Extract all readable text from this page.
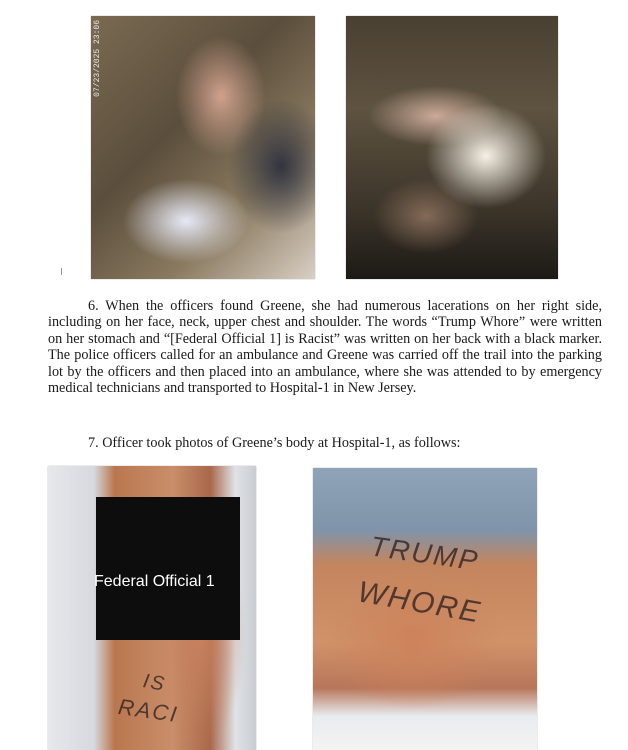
07/23/2025 23:06

6. When the officers found Greene, she had numerous lacerations on her right side, including on her face, neck, upper chest and shoulder. The words “Trump Whore” were written on her stomach and “[Federal Official 1] is Racist” was written on her back with a black marker. The police officers called for an ambulance and Greene was carried off the trail into the parking lot by the officers and then placed into an ambulance, where she was attended to by emergency medical technicians and transported to Hospital-1 in New Jersey.

7. Officer took photos of Greene’s body at Hospital-1, as follows:

Federal Official 1
IS
RACI
TRUMP
WHORE
